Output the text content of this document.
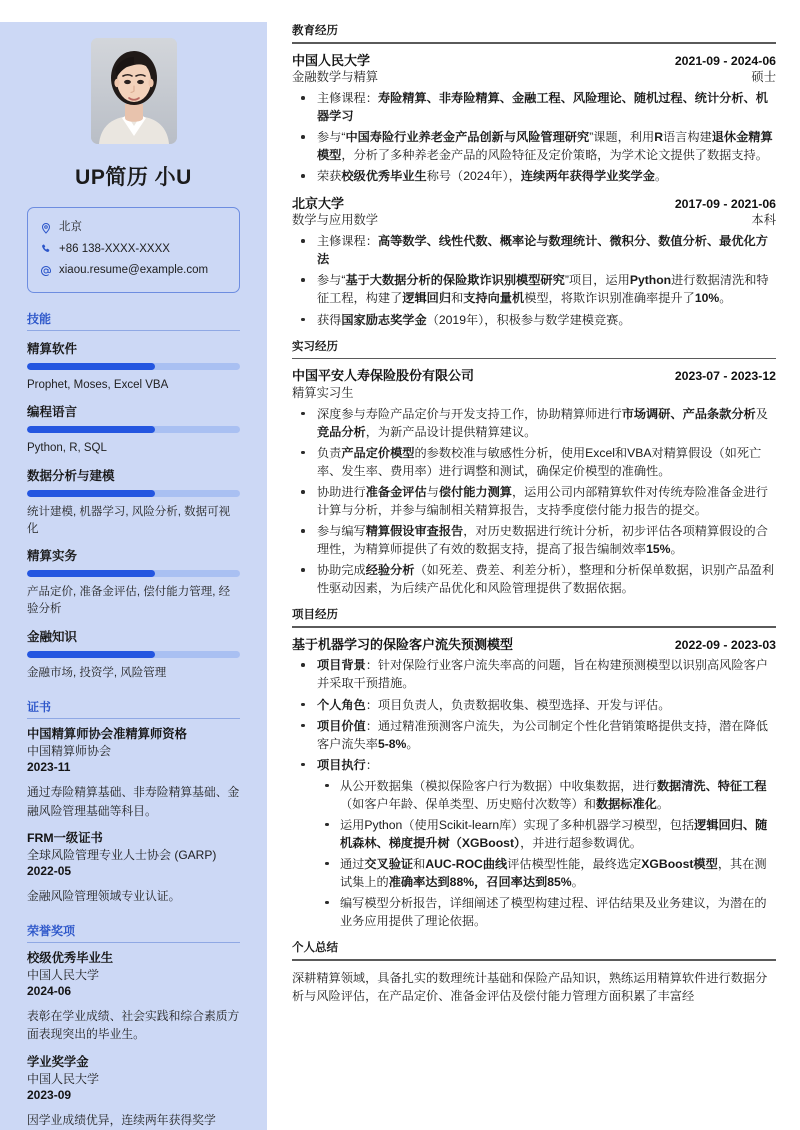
UP简历 小U
北京
+86 138-XXXX-XXXX
xiaou.resume@example.com
技能
精算软件
Prophet, Moses, Excel VBA
编程语言
Python, R, SQL
数据分析与建模
统计建模, 机器学习, 风险分析, 数据可视化
精算实务
产品定价, 准备金评估, 偿付能力管理, 经验分析
金融知识
金融市场, 投资学, 风险管理
证书
中国精算师协会准精算师资格
中国精算师协会
2023-11
通过寿险精算基础、非寿险精算基础、金融风险管理基础等科目。
FRM一级证书
全球风险管理专业人士协会 (GARP)
2022-05
金融风险管理领域专业认证。
荣誉奖项
校级优秀毕业生
中国人民大学
2024-06
表彰在学业成绩、社会实践和综合素质方面表现突出的毕业生。
学业奖学金
中国人民大学
2023-09
因学业成绩优异，连续两年获得奖学
教育经历
中国人民大学	2021-09 - 2024-06
金融数学与精算	硕士
主修课程：寿险精算、非寿险精算、金融工程、风险理论、随机过程、统计分析、机器学习
参与“中国寿险行业养老金产品创新与风险管理研究”课题，利用R语言构建退休金精算模型，分析了多种养老金产品的风险特征及定价策略，为学术论文提供了数据支持。
荣获校级优秀毕业生称号（2024年），连续两年获得学业奖学金。
北京大学	2017-09 - 2021-06
数学与应用数学	本科
主修课程：高等数学、线性代数、概率论与数理统计、微积分、数值分析、最优化方法
参与“基于大数据分析的保险欺诈识别模型研究”项目，运用Python进行数据清洗和特征工程，构建了逻辑回归和支持向量机模型，将欺诈识别准确率提升了10%。
获得国家励志奖学金（2019年），积极参与数学建模竞赛。
实习经历
中国平安人寿保险股份有限公司	2023-07 - 2023-12
精算实习生
深度参与寿险产品定价与开发支持工作，协助精算师进行市场调研、产品条款分析及竞品分析，为新产品设计提供精算建议。
负责产品定价模型的参数校准与敏感性分析，使用Excel和VBA对精算假设（如死亡率、发生率、费用率）进行调整和测试，确保定价模型的准确性。
协助进行准备金评估与偿付能力测算，运用公司内部精算软件对传统寿险准备金进行计算与分析，并参与编制相关精算报告，支持季度偿付能力报告的提交。
参与编写精算假设审查报告，对历史数据进行统计分析，初步评估各项精算假设的合理性，为精算师提供了有效的数据支持，提高了报告编制效率15%。
协助完成经验分析（如死差、费差、利差分析），整理和分析保单数据，识别产品盈利性驱动因素，为后续产品优化和风险管理提供了数据依据。
项目经历
基于机器学习的保险客户流失预测模型	2022-09 - 2023-03
项目背景：针对保险行业客户流失率高的问题，旨在构建预测模型以识别高风险客户并采取干预措施。
个人角色：项目负责人，负责数据收集、模型选择、开发与评估。
项目价值：通过精准预测客户流失，为公司制定个性化营销策略提供支持，潜在降低客户流失率5-8%。
项目执行：
从公开数据集（模拟保险客户行为数据）中收集数据，进行数据清洗、特征工程（如客户年龄、保单类型、历史赔付次数等）和数据标准化。
运用Python（使用Scikit-learn库）实现了多种机器学习模型，包括逻辑回归、随机森林、梯度提升树（XGBoost），并进行超参数调优。
通过交叉验证和AUC-ROC曲线评估模型性能，最终选定XGBoost模型，其在测试集上的准确率达到88%，召回率达到85%。
编写模型分析报告，详细阐述了模型构建过程、评估结果及业务建议，为潜在的业务应用提供了理论依据。
个人总结
深耕精算领域，具备扎实的数理统计基础和保险产品知识，熟练运用精算软件进行数据分析与风险评估，在产品定价、准备金评估及偿付能力管理方面积累了丰富经
